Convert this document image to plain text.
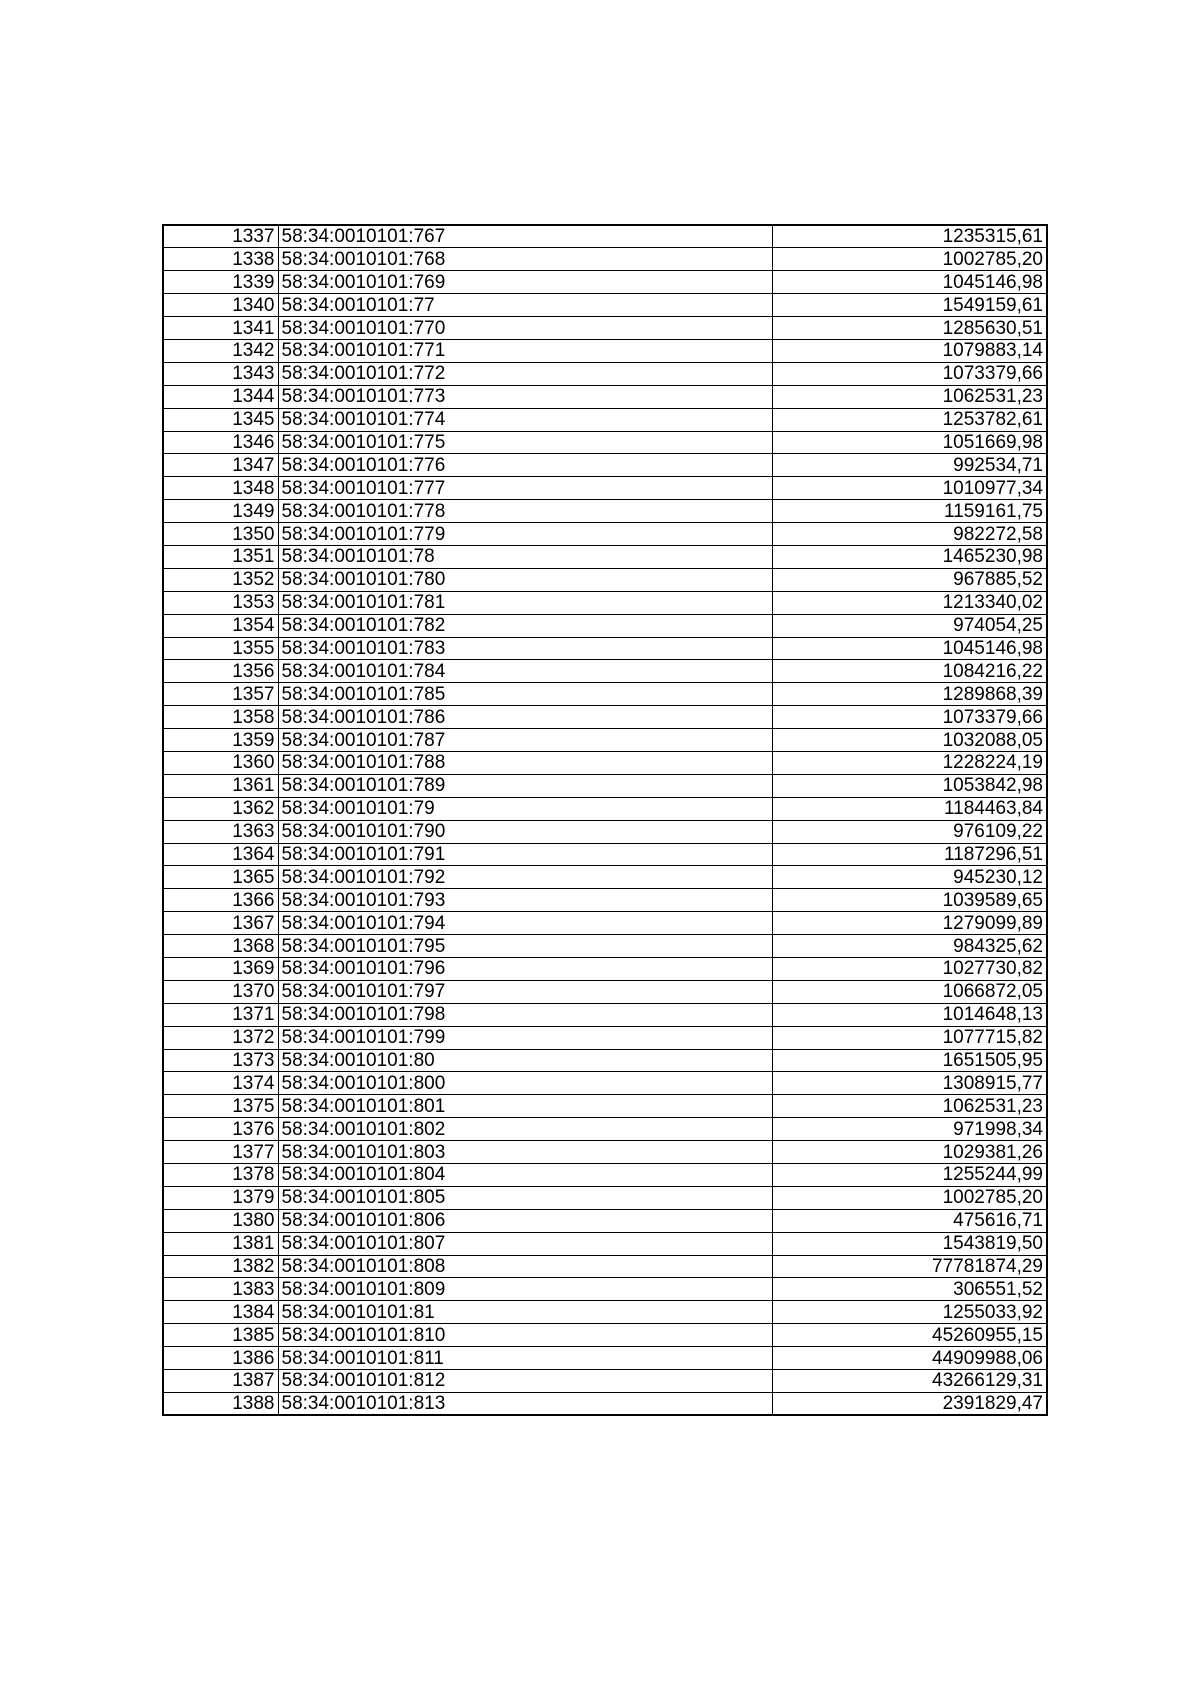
1337	58:34:0010101:767	1235315,61
1338	58:34:0010101:768	1002785,20
1339	58:34:0010101:769	1045146,98
1340	58:34:0010101:77	1549159,61
1341	58:34:0010101:770	1285630,51
1342	58:34:0010101:771	1079883,14
1343	58:34:0010101:772	1073379,66
1344	58:34:0010101:773	1062531,23
1345	58:34:0010101:774	1253782,61
1346	58:34:0010101:775	1051669,98
1347	58:34:0010101:776	992534,71
1348	58:34:0010101:777	1010977,34
1349	58:34:0010101:778	1159161,75
1350	58:34:0010101:779	982272,58
1351	58:34:0010101:78	1465230,98
1352	58:34:0010101:780	967885,52
1353	58:34:0010101:781	1213340,02
1354	58:34:0010101:782	974054,25
1355	58:34:0010101:783	1045146,98
1356	58:34:0010101:784	1084216,22
1357	58:34:0010101:785	1289868,39
1358	58:34:0010101:786	1073379,66
1359	58:34:0010101:787	1032088,05
1360	58:34:0010101:788	1228224,19
1361	58:34:0010101:789	1053842,98
1362	58:34:0010101:79	1184463,84
1363	58:34:0010101:790	976109,22
1364	58:34:0010101:791	1187296,51
1365	58:34:0010101:792	945230,12
1366	58:34:0010101:793	1039589,65
1367	58:34:0010101:794	1279099,89
1368	58:34:0010101:795	984325,62
1369	58:34:0010101:796	1027730,82
1370	58:34:0010101:797	1066872,05
1371	58:34:0010101:798	1014648,13
1372	58:34:0010101:799	1077715,82
1373	58:34:0010101:80	1651505,95
1374	58:34:0010101:800	1308915,77
1375	58:34:0010101:801	1062531,23
1376	58:34:0010101:802	971998,34
1377	58:34:0010101:803	1029381,26
1378	58:34:0010101:804	1255244,99
1379	58:34:0010101:805	1002785,20
1380	58:34:0010101:806	475616,71
1381	58:34:0010101:807	1543819,50
1382	58:34:0010101:808	77781874,29
1383	58:34:0010101:809	306551,52
1384	58:34:0010101:81	1255033,92
1385	58:34:0010101:810	45260955,15
1386	58:34:0010101:811	44909988,06
1387	58:34:0010101:812	43266129,31
1388	58:34:0010101:813	2391829,47
